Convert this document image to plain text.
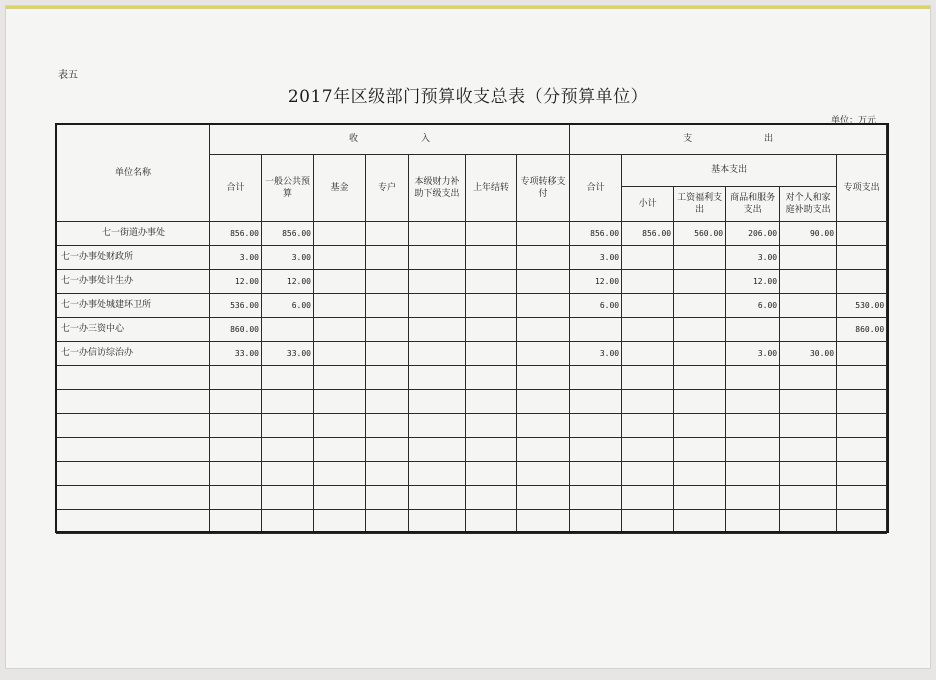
表五
2017年区级部门预算收支总表（分预算单位）
单位：万元
单位名称	收　　　　　　　入							支　　　　　　　　出					
	合计	一般公共预算	基金	专户	本级财力补助下级支出	上年结转	专项转移支付	合计	基本支出				专项支出
									小计	工资福利支出	商品和服务支出	对个人和家庭补助支出	
七一街道办事处	856.00	856.00						856.00	856.00	560.00	206.00	90.00	
七一办事处财政所	3.00	3.00						3.00			3.00		
七一办事处计生办	12.00	12.00						12.00			12.00		
七一办事处城建环卫所	536.00	6.00						6.00			6.00		530.00
七一办三资中心	860.00												860.00
七一办信访综治办	33.00	33.00						3.00			3.00	30.00	
